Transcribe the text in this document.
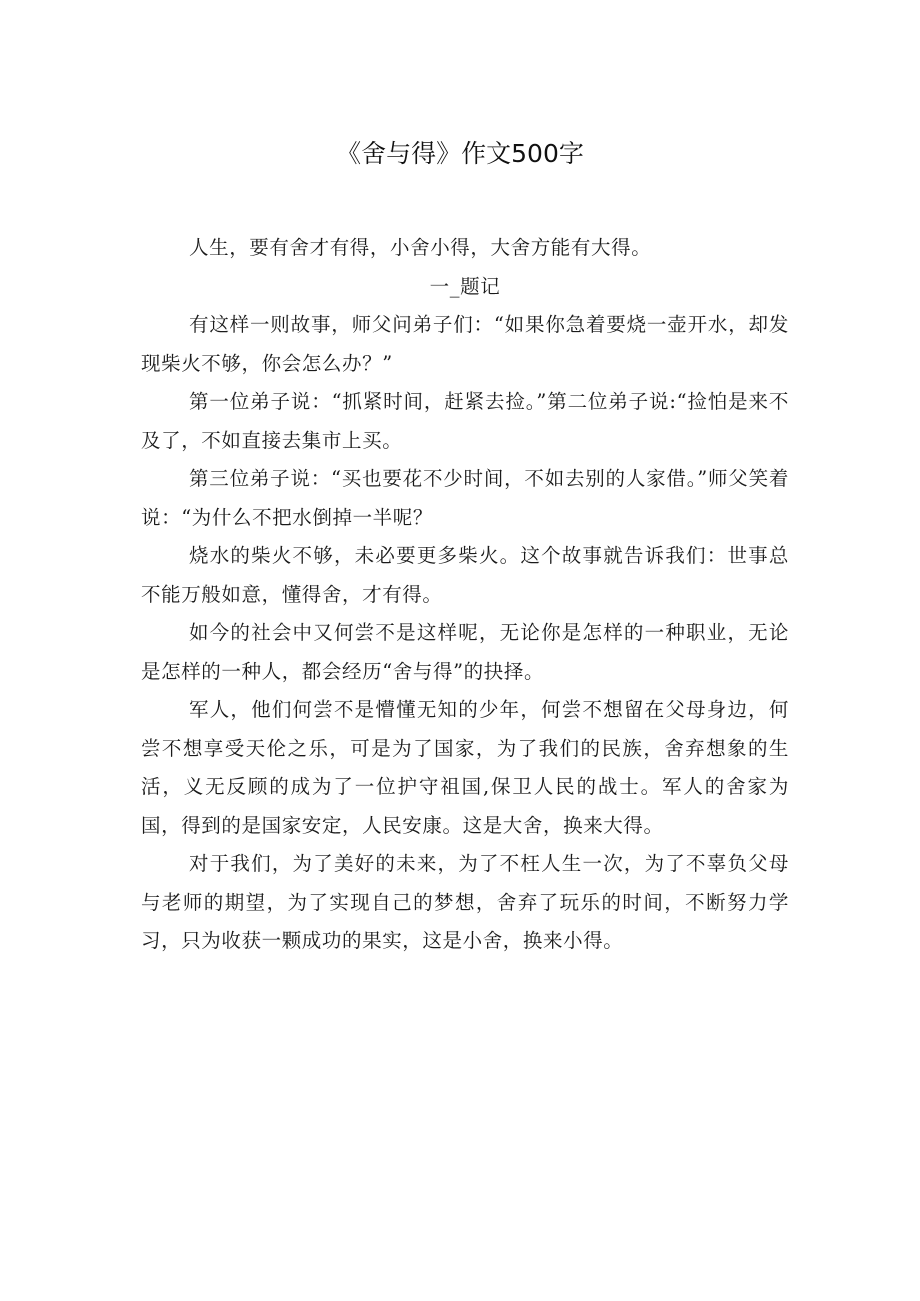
《舍与得》作文500字

人生，要有舍才有得，小舍小得，大舍方能有大得。

一_题记

有这样一则故事，师父问弟子们：“如果你急着要烧一壶开水，却发现柴火不够，你会怎么办？”

第一位弟子说：“抓紧时间，赶紧去捡。”第二位弟子说:“捡怕是来不及了，不如直接去集市上买。

第三位弟子说：“买也要花不少时间，不如去别的人家借。”师父笑着说：“为什么不把水倒掉一半呢？

烧水的柴火不够，未必要更多柴火。这个故事就告诉我们：世事总不能万般如意，懂得舍，才有得。

如今的社会中又何尝不是这样呢，无论你是怎样的一种职业，无论是怎样的一种人，都会经历“舍与得”的抉择。

军人，他们何尝不是懵懂无知的少年，何尝不想留在父母身边，何尝不想享受天伦之乐，可是为了国家，为了我们的民族，舍弃想象的生活，义无反顾的成为了一位护守祖国,保卫人民的战士。军人的舍家为国，得到的是国家安定，人民安康。这是大舍，换来大得。

对于我们，为了美好的未来，为了不枉人生一次，为了不辜负父母与老师的期望，为了实现自己的梦想，舍弃了玩乐的时间，不断努力学习，只为收获一颗成功的果实，这是小舍，换来小得。
